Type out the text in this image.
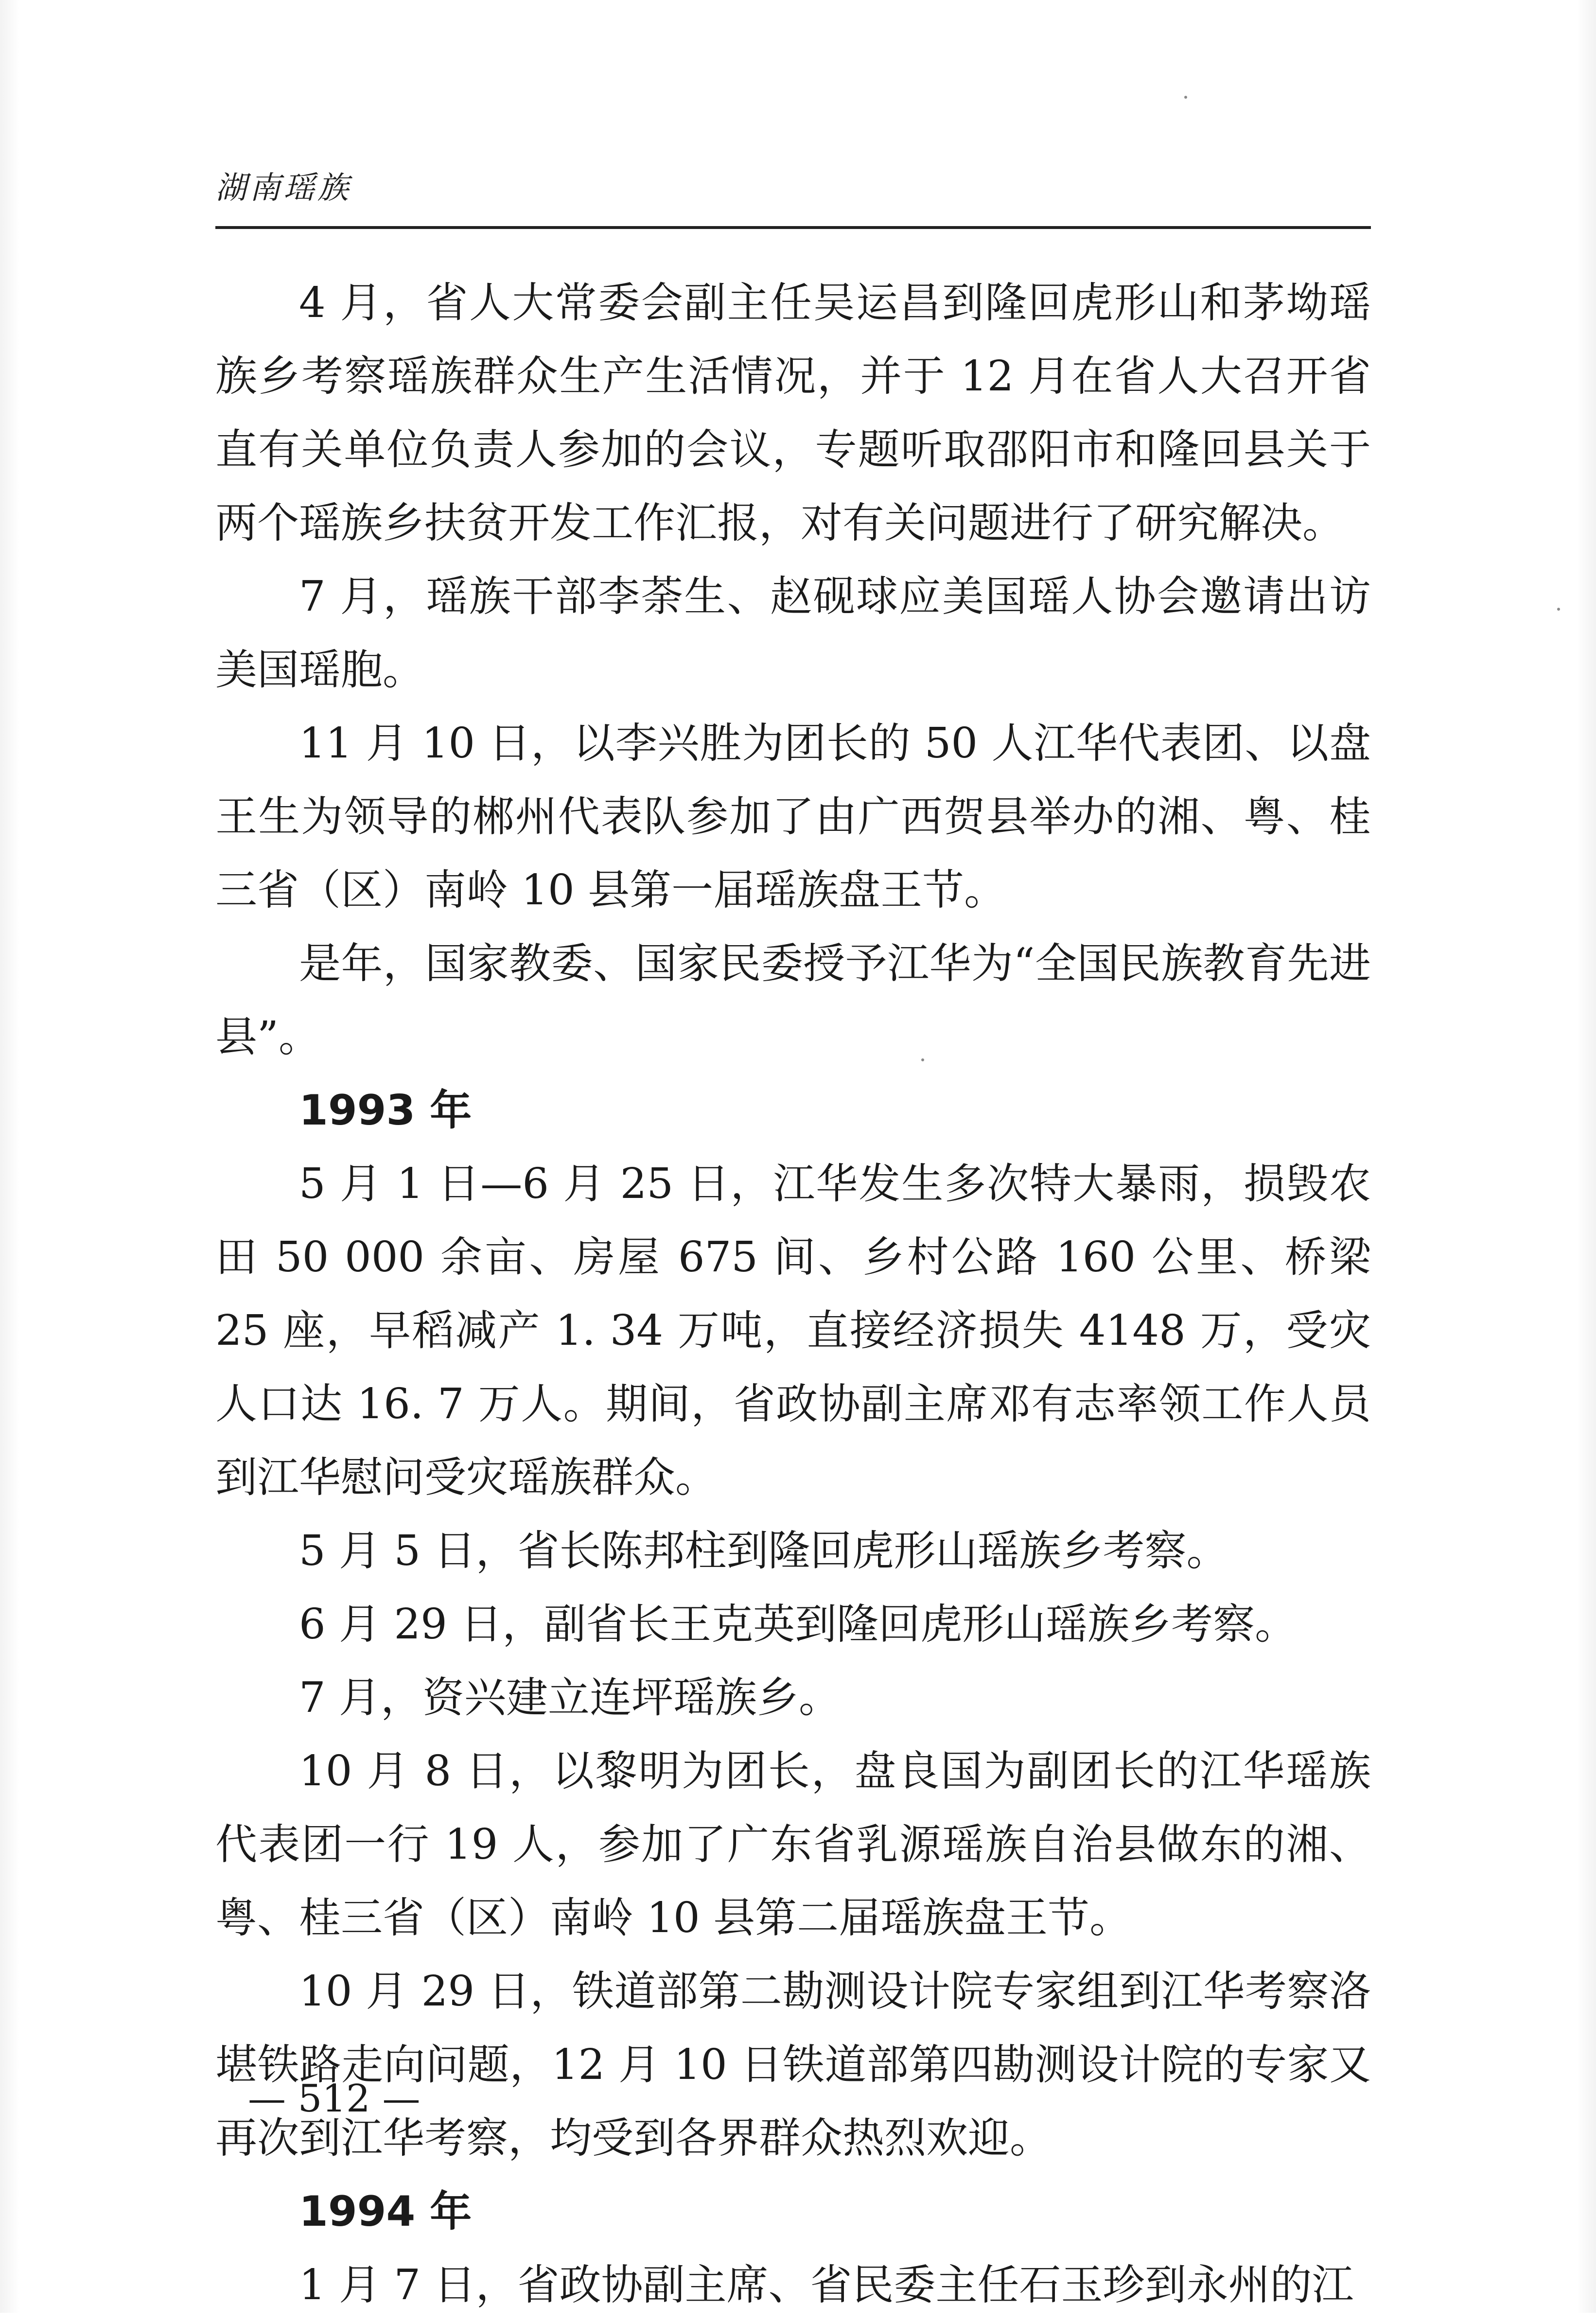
湖南瑶族

4 月，省人大常委会副主任吴运昌到隆回虎形山和茅坳瑶族乡考察瑶族群众生产生活情况，并于 12 月在省人大召开省直有关单位负责人参加的会议，专题听取邵阳市和隆回县关于两个瑶族乡扶贫开发工作汇报，对有关问题进行了研究解决。

7 月，瑶族干部李荼生、赵砚球应美国瑶人协会邀请出访美国瑶胞。

11 月 10 日，以李兴胜为团长的 50 人江华代表团、以盘王生为领导的郴州代表队参加了由广西贺县举办的湘、粤、桂三省（区）南岭 10 县第一届瑶族盘王节。

是年，国家教委、国家民委授予江华为“全国民族教育先进县”。

1993 年

5 月 1 日—6 月 25 日，江华发生多次特大暴雨，损毁农田 50 000 余亩、房屋 675 间、乡村公路 160 公里、桥梁 25 座，早稻减产 1. 34 万吨，直接经济损失 4148 万，受灾人口达 16. 7 万人。期间，省政协副主席邓有志率领工作人员到江华慰问受灾瑶族群众。

5 月 5 日，省长陈邦柱到隆回虎形山瑶族乡考察。

6 月 29 日，副省长王克英到隆回虎形山瑶族乡考察。

7 月，资兴建立连坪瑶族乡。

10 月 8 日，以黎明为团长，盘良国为副团长的江华瑶族代表团一行 19 人，参加了广东省乳源瑶族自治县做东的湘、粤、桂三省（区）南岭 10 县第二届瑶族盘王节。

10 月 29 日，铁道部第二勘测设计院专家组到江华考察洛堪铁路走向问题，12 月 10 日铁道部第四勘测设计院的专家又再次到江华考察，均受到各界群众热烈欢迎。

1994 年

1 月 7 日，省政协副主席、省民委主任石玉珍到永州的江

— 512 —
